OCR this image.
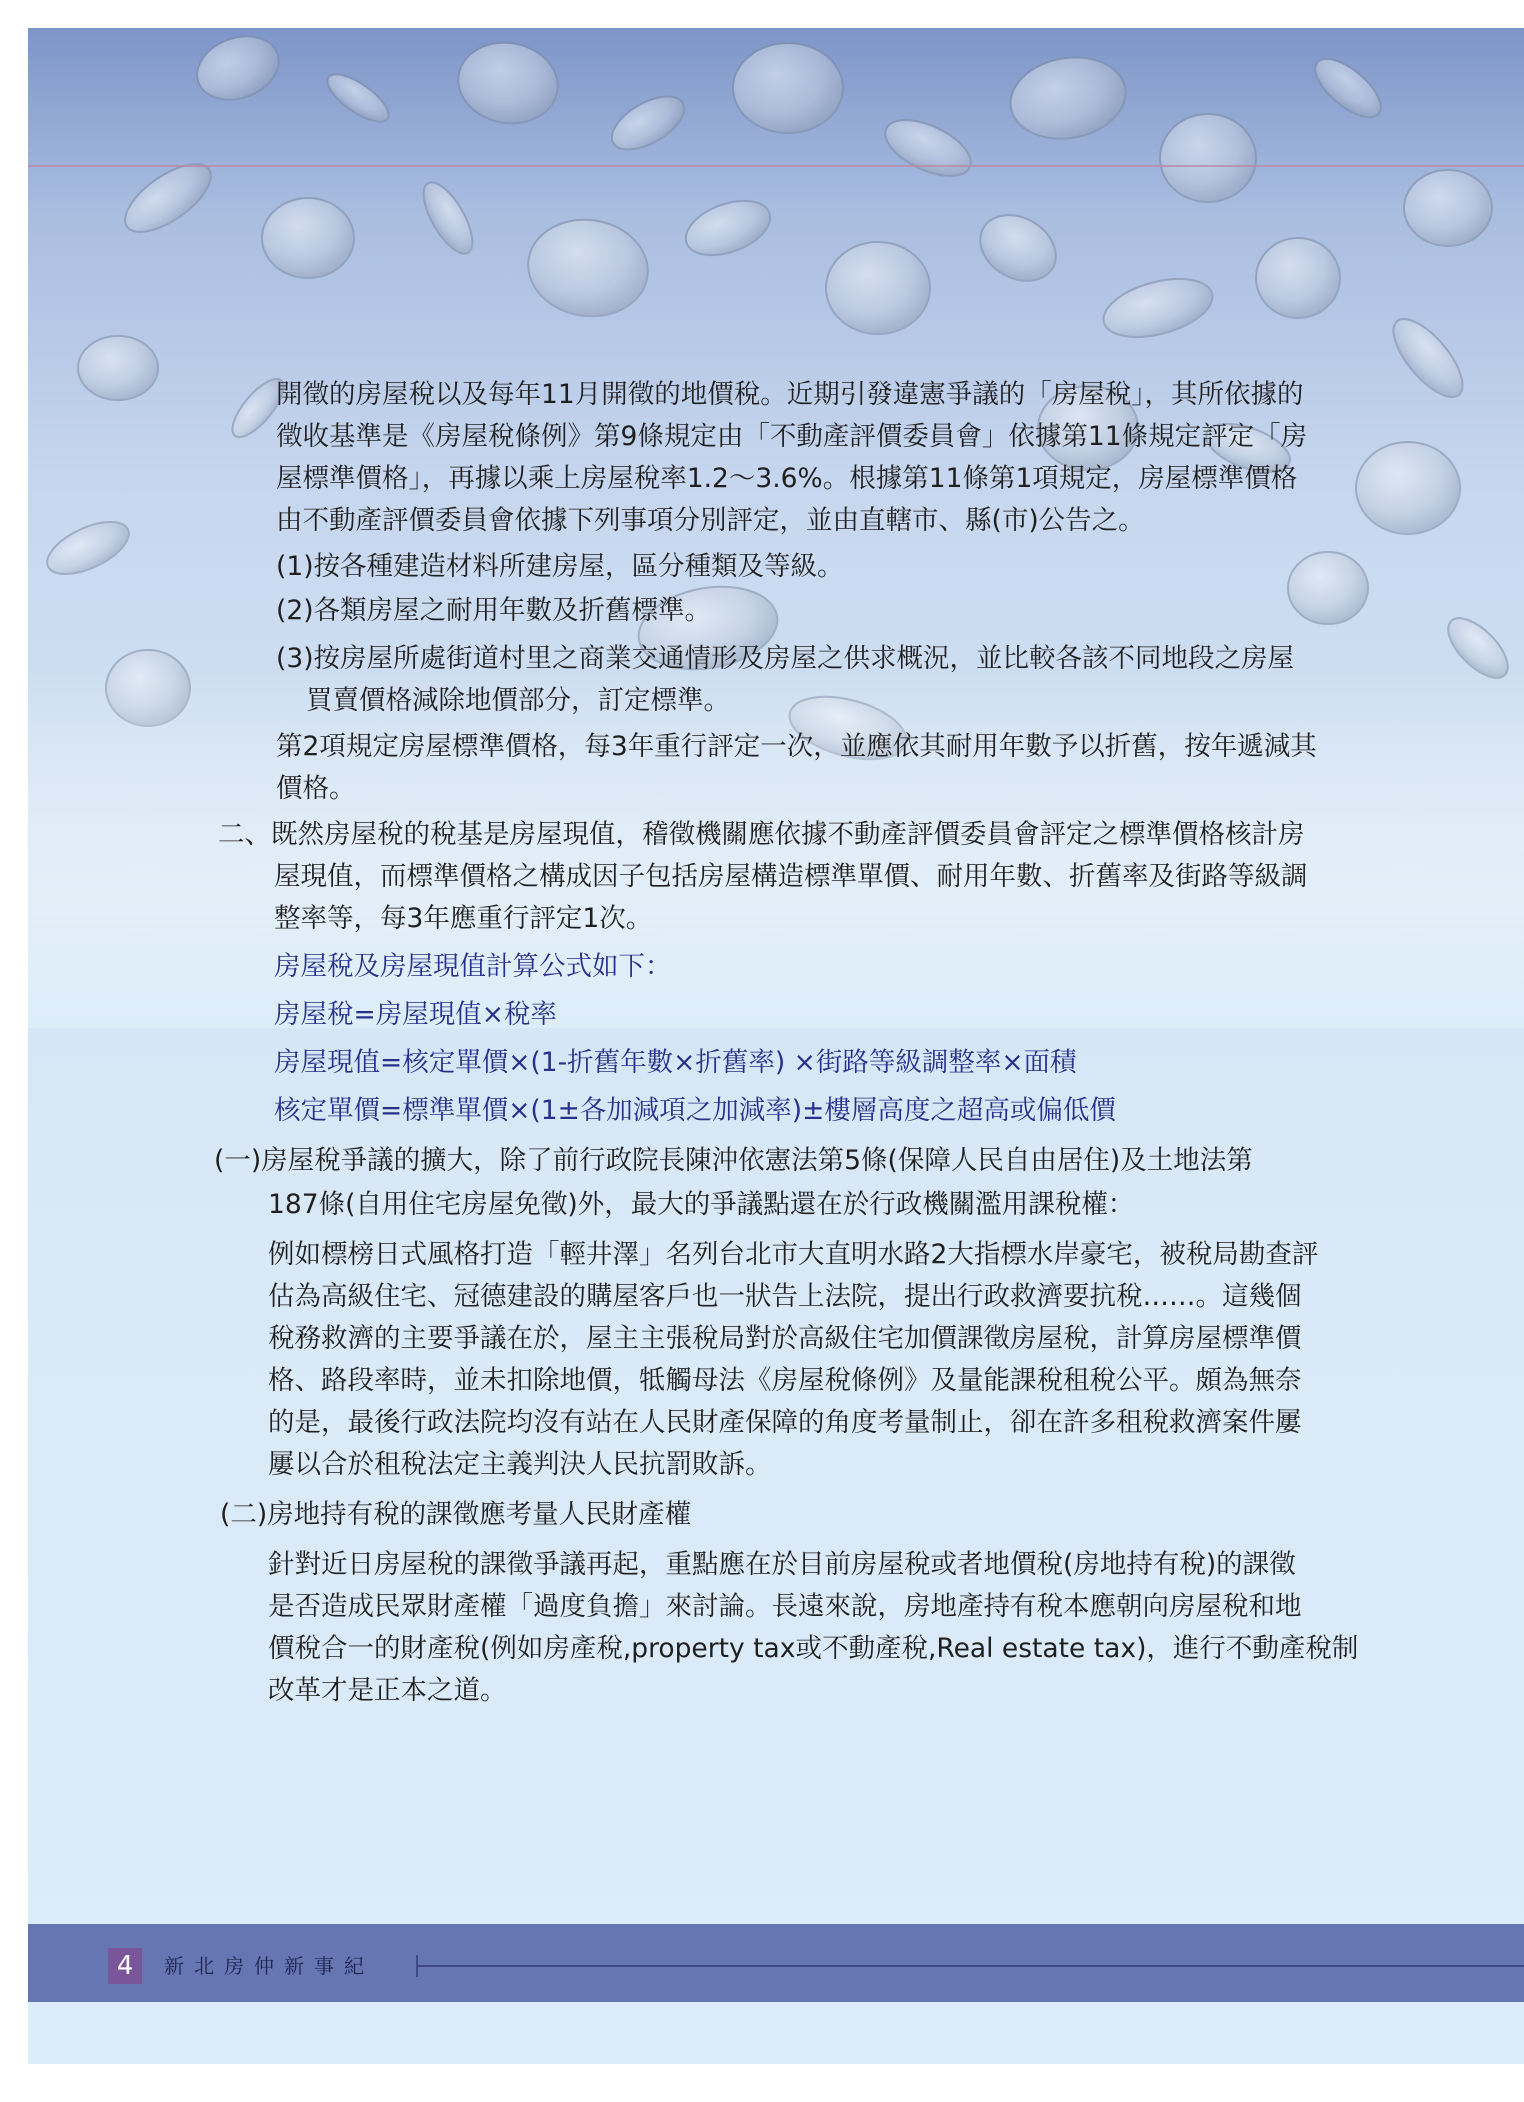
開徵的房屋稅以及每年11月開徵的地價稅。近期引發違憲爭議的「房屋稅」，其所依據的
徵收基準是《房屋稅條例》第9條規定由「不動產評價委員會」依據第11條規定評定「房
屋標準價格」，再據以乘上房屋稅率1.2～3.6%。根據第11條第1項規定，房屋標準價格
由不動產評價委員會依據下列事項分別評定，並由直轄市、縣(市)公告之。
(1)按各種建造材料所建房屋，區分種類及等級。
(2)各類房屋之耐用年數及折舊標準。
(3)按房屋所處街道村里之商業交通情形及房屋之供求概況，並比較各該不同地段之房屋
買賣價格減除地價部分，訂定標準。
第2項規定房屋標準價格，每3年重行評定一次，並應依其耐用年數予以折舊，按年遞減其
價格。
二、既然房屋稅的稅基是房屋現值，稽徵機關應依據不動產評價委員會評定之標準價格核計房
屋現值，而標準價格之構成因子包括房屋構造標準單價、耐用年數、折舊率及街路等級調
整率等，每3年應重行評定1次。
房屋稅及房屋現值計算公式如下：
房屋稅=房屋現值×稅率
房屋現值=核定單價×(1-折舊年數×折舊率) ×街路等級調整率×面積
核定單價=標準單價×(1±各加減項之加減率)±樓層高度之超高或偏低價
(一)房屋稅爭議的擴大，除了前行政院長陳沖依憲法第5條(保障人民自由居住)及土地法第
187條(自用住宅房屋免徵)外，最大的爭議點還在於行政機關濫用課稅權：
例如標榜日式風格打造「輕井澤」名列台北市大直明水路2大指標水岸豪宅，被稅局勘查評
估為高級住宅、冠德建設的購屋客戶也一狀告上法院，提出行政救濟要抗稅……。這幾個
稅務救濟的主要爭議在於，屋主主張稅局對於高級住宅加價課徵房屋稅，計算房屋標準價
格、路段率時，並未扣除地價，牴觸母法《房屋稅條例》及量能課稅租稅公平。頗為無奈
的是，最後行政法院均沒有站在人民財產保障的角度考量制止，卻在許多租稅救濟案件屢
屢以合於租稅法定主義判決人民抗罰敗訴。
(二)房地持有稅的課徵應考量人民財產權
針對近日房屋稅的課徵爭議再起，重點應在於目前房屋稅或者地價稅(房地持有稅)的課徵
是否造成民眾財產權「過度負擔」來討論。長遠來說，房地產持有稅本應朝向房屋稅和地
價稅合一的財產稅(例如房產稅,property tax或不動產稅,Real estate tax)，進行不動產稅制
改革才是正本之道。
4	新北房仲新事紀
